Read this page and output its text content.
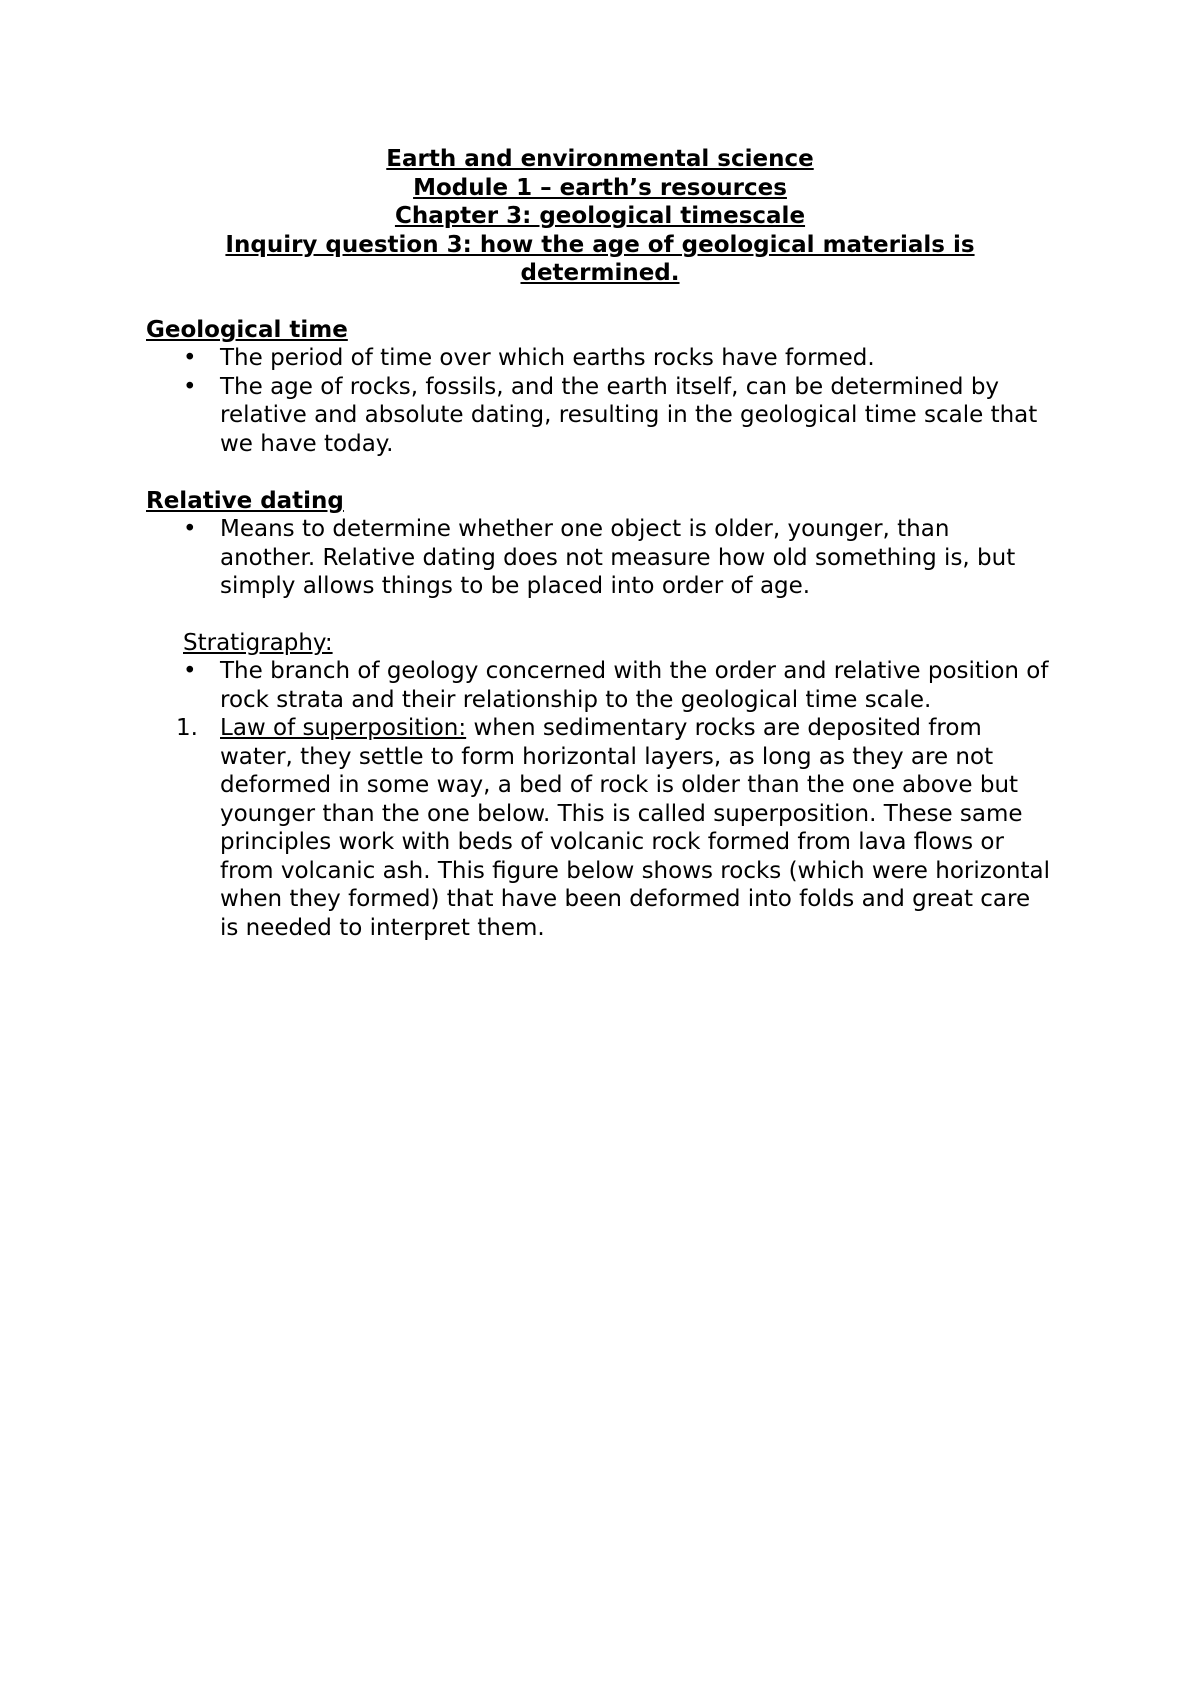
Earth and environmental science
Module 1 – earth’s resources
Chapter 3: geological timescale
Inquiry question 3: how the age of geological materials is determined.
Geological time
• The period of time over which earths rocks have formed.
• The age of rocks, fossils, and the earth itself, can be determined by relative and absolute dating, resulting in the geological time scale that we have today.
Relative dating
• Means to determine whether one object is older, younger, than another. Relative dating does not measure how old something is, but simply allows things to be placed into order of age.
Stratigraphy:
• The branch of geology concerned with the order and relative position of rock strata and their relationship to the geological time scale.
1. Law of superposition: when sedimentary rocks are deposited from water, they settle to form horizontal layers, as long as they are not deformed in some way, a bed of rock is older than the one above but younger than the one below. This is called superposition. These same principles work with beds of volcanic rock formed from lava flows or from volcanic ash. This figure below shows rocks (which were horizontal when they formed) that have been deformed into folds and great care is needed to interpret them.
